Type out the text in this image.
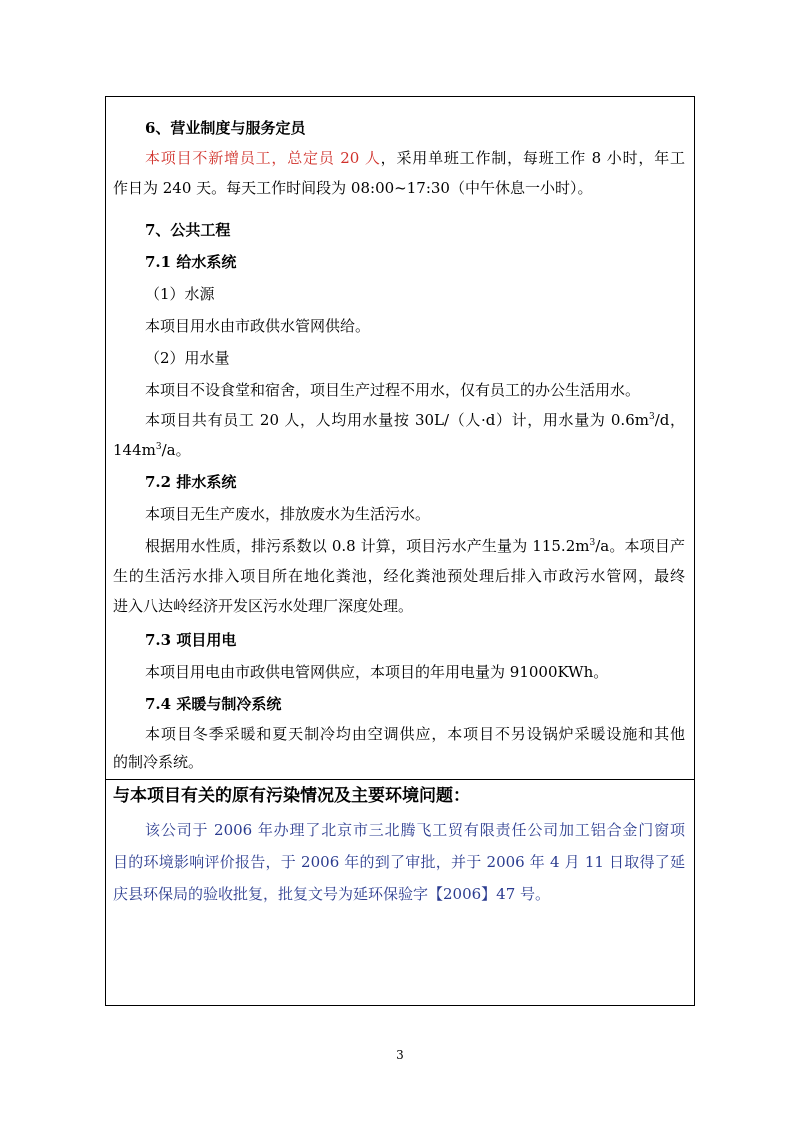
6、营业制度与服务定员
本项目不新增员工，总定员 20 人，采用单班工作制，每班工作 8 小时，年工
作日为 240 天。每天工作时间段为 08:00~17:30（中午休息一小时）。
7、公共工程
7.1 给水系统
（1）水源
本项目用水由市政供水管网供给。
（2）用水量
本项目不设食堂和宿舍，项目生产过程不用水，仅有员工的办公生活用水。
本项目共有员工 20 人，人均用水量按 30L/（人·d）计，用水量为 $0.6m^3/d$，
$144m^3/a$。
7.2 排水系统
本项目无生产废水，排放废水为生活污水。
根据用水性质，排污系数以 0.8 计算，项目污水产生量为 $115.2m^3/a$。本项目产
生的生活污水排入项目所在地化粪池，经化粪池预处理后排入市政污水管网，最终
进入八达岭经济开发区污水处理厂深度处理。
7.3 项目用电
本项目用电由市政供电管网供应，本项目的年用电量为 91000KWh。
7.4 采暖与制冷系统
本项目冬季采暖和夏天制冷均由空调供应，本项目不另设锅炉采暖设施和其他
的制冷系统。
与本项目有关的原有污染情况及主要环境问题：
该公司于 2006 年办理了北京市三北腾飞工贸有限责任公司加工铝合金门窗项
目的环境影响评价报告，于 2006 年的到了审批，并于 2006 年 4 月 11 日取得了延
庆县环保局的验收批复，批复文号为延环保验字【2006】47 号。
3
